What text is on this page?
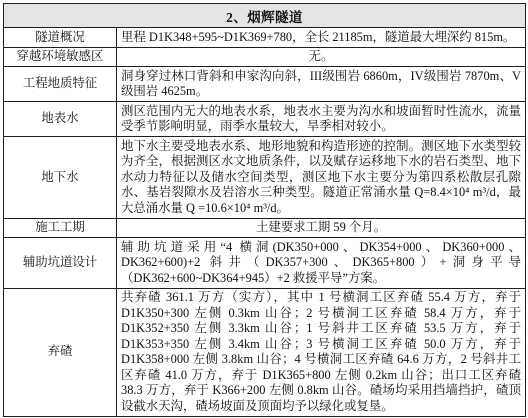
2、烟辉隧道	
隧道概况	里程 D1K348+595~D1K369+780，全长 21185m，隧道最大埋深约 815m。
穿越环境敏感区	无。
工程地质特征	洞身穿过林口背斜和申家沟向斜，III级围岩 6860m，IV级围岩 7870m、V级围岩 4625m。
地表水	测区范围内无大的地表水系，地表水主要为沟水和坡面暂时性流水，流量受季节影响明显，雨季水量较大，旱季相对较小。
地下水	地下水主要受地表水系、地形地貌和构造形迹的控制。测区地下水类型较为齐全，根据测区水文地质条件，以及赋存运移地下水的岩石类型、地下水动力特征以及储水空间类型，测区地下水主要分为第四系松散层孔隙水、基岩裂隙水及岩溶水三种类型。隧道正常涌水量 Q=8.4×10⁴ m³/d，最大总涌水量 Q =10.6×10⁴ m³/d。
施工工期	土建要求工期 59 个月。
辅助坑道设计	辅助坑道采用“4 横洞(DK350+000、DK354+000、DK360+000、DK362+600)+2 斜井（DK357+300、DK365+800）+洞身平导（DK362+600~DK364+945）+2 救援平导”方案。
弃碴	共弃碴 361.1 万方（实方），其中 1 号横洞工区弃碴 55.4 万方，弃于 D1K350+300 左侧 0.3km 山谷；2 号横洞工区弃碴 58.4 万方，弃于 D1K352+350 左侧 3.3km 山谷；1 号斜井工区弃碴 53.5 万方，弃于 D1K353+350 左侧 3.4km 山谷；3 号横洞工区弃碴 50.0 万方，弃于 D1K358+000 左侧 3.8km 山谷；4 号横洞工区弃碴 64.6 万方，2 号斜井工区弃碴 41.0 万方，弃于 D1K365+800 左侧 0.2km 山谷；出口工区弃碴 38.3 万方，弃于 K366+200 左侧 0.8km 山谷。碴场均采用挡墙挡护，碴顶设截水天沟，碴场坡面及顶面均予以绿化或复垦。
